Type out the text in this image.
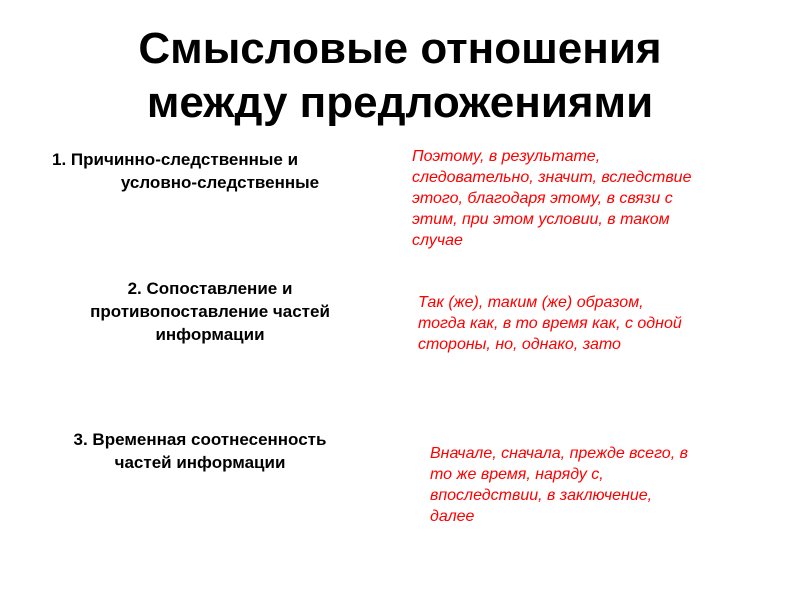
Смысловые отношения
между предложениями
1. Причинно-следственные и
условно-следственные
Поэтому, в результате,
следовательно, значит, вследствие
этого, благодаря этому, в связи с
этим, при этом условии, в таком
случае
2. Сопоставление и
противопоставление частей
информации
Так (же), таким (же) образом,
тогда как, в то время как, с одной
стороны, но, однако, зато
3. Временная соотнесенность
частей информации	Вначале, сначала, прежде всего, в
то же время, наряду с,
впоследствии, в заключение,
далее
